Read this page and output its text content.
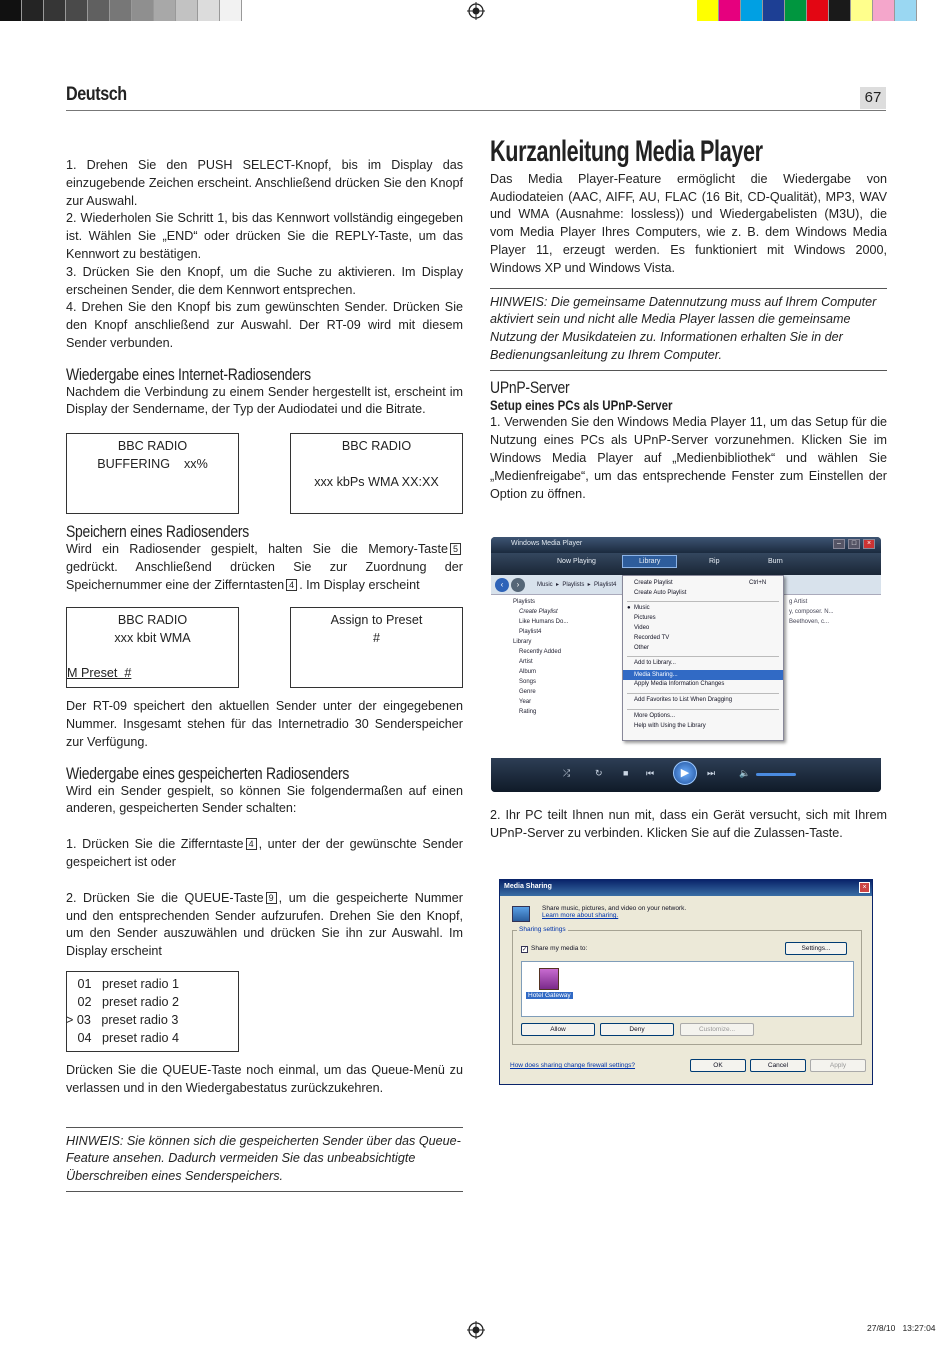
Deutsch	67

1. Drehen Sie den PUSH SELECT-Knopf, bis im Display das einzugebende Zeichen erscheint. Anschließend drücken Sie den Knopf zur Auswahl.
2. Wiederholen Sie Schritt 1, bis das Kennwort vollständig eingegeben ist. Wählen Sie „END“ oder drücken Sie die REPLY-Taste, um das Kennwort zu bestätigen.
3. Drücken Sie den Knopf, um die Suche zu aktivieren. Im Display erscheinen Sender, die dem Kennwort entsprechen.
4. Drehen Sie den Knopf bis zum gewünschten Sender. Drücken Sie den Knopf anschließend zur Auswahl. Der RT-09 wird mit diesem Sender verbunden.

Wiedergabe eines Internet-Radiosenders

Nachdem die Verbindung zu einem Sender hergestellt ist, erscheint im Display der Sendername, der Typ der Audiodatei und die Bitrate.

BBC RADIO
BUFFERING    xx%
BBC RADIO
xxx kbPs WMA XX:XX
Speichern eines Radiosenders

Wird ein Radiosender gespielt, halten Sie die Memory-Taste 5gedrückt. Anschließend drücken Sie zur Zuordnung der Speichernummer eine der Zifferntasten 4 . Im Display erscheint

BBC RADIO
xxx kbit WMA
M Preset  #
Assign to Preset
#

Der RT-09 speichert den aktuellen Sender unter der eingegebenen Nummer. Insgesamt stehen für das Internetradio 30 Senderspeicher zur Verfügung.

Wiedergabe eines gespeicherten Radiosenders

Wird ein Sender gespielt, so können Sie folgendermaßen auf einen anderen, gespeicherten Sender schalten:

1. Drücken Sie die Zifferntaste 4 , unter der der gewünschte Sender gespeichert ist oder

2. Drücken Sie die QUEUE-Taste 9 , um die gespeicherte Nummer und den entsprechenden Sender aufzurufen. Drehen Sie den Knopf, um den Sender auszuwählen und drücken Sie ihn zur Auswahl. Im Display erscheint

01   preset radio 1
02   preset radio 2
> 03   preset radio 3
04   preset radio 4

Drücken Sie die QUEUE-Taste noch einmal, um das Queue-Menü zu verlassen und in den Wiedergabestatus zurückzukehren.

HINWEIS: Sie können sich die gespeicherten Sender über das Queue-Feature ansehen. Dadurch vermeiden Sie das unbeabsichtigte Überschreiben eines Senderspeichers.

Kurzanleitung Media Player

Das Media Player-Feature ermöglicht die Wiedergabe von Audiodateien (AAC, AIFF, AU, FLAC (16 Bit, CD-Qualität), MP3, WAV und WMA (Ausnahme: lossless)) und Wiedergabelisten (M3U), die vom Media Player Ihres Computers, wie z. B. dem Windows Media Player 11, erzeugt werden. Es funktioniert mit Windows 2000, Windows XP und Windows Vista.

HINWEIS: Die gemeinsame Datennutzung muss auf Ihrem Computer aktiviert sein und nicht alle Media Player lassen die gemeinsame Nutzung der Musikdateien zu. Informationen erhalten Sie in der Bedienungsanleitung zu Ihrem Computer.

UPnP-Server
Setup eines PCs als UPnP-Server

1. Verwenden Sie den Windows Media Player 11, um das Setup für die Nutzung eines PCs als UPnP-Server vorzunehmen. Klicken Sie im Windows Media Player auf „Medienbibliothek“ und wählen Sie „Medienfreigabe“, um das entsprechende Fenster zum Einstellen der Option zu öffnen.

2. Ihr PC teilt Ihnen nun mit, dass ein Gerät versucht, sich mit Ihrem UPnP-Server zu verbinden. Klicken Sie auf die Zulassen-Taste.

Windows Media Player	–	□	×
Now Playing	Library	Rip	Burn
‹	›	Music  ▸  Playlists  ▸  Playlist4
Playlists
Create Playlist
Like Humans Do...
Playlist4
Library
Recently Added
Artist
Album
Songs
Genre
Year
Rating
g Artist
y, composer. N...
Beethoven, c...
Create Playlist	Ctrl+N
Create Auto Playlist
● Music
Pictures
Video
Recorded TV
Other
Add to Library...
Media Sharing...
Apply Media Information Changes
Add Favorites to List When Dragging
More Options...
Help with Using the Library
⤮	↻ ■ ⏮	▶	⏭	🔈
Media Sharing	×
Share music, pictures, and video on your network.
Learn more about sharing.
Sharing settings
✓ Share my media to:	Settings...
Hotel Gateway
Allow	Deny	Customize...
How does sharing change firewall settings?	OK	Cancel	Apply
27/8/10   13:27:04
